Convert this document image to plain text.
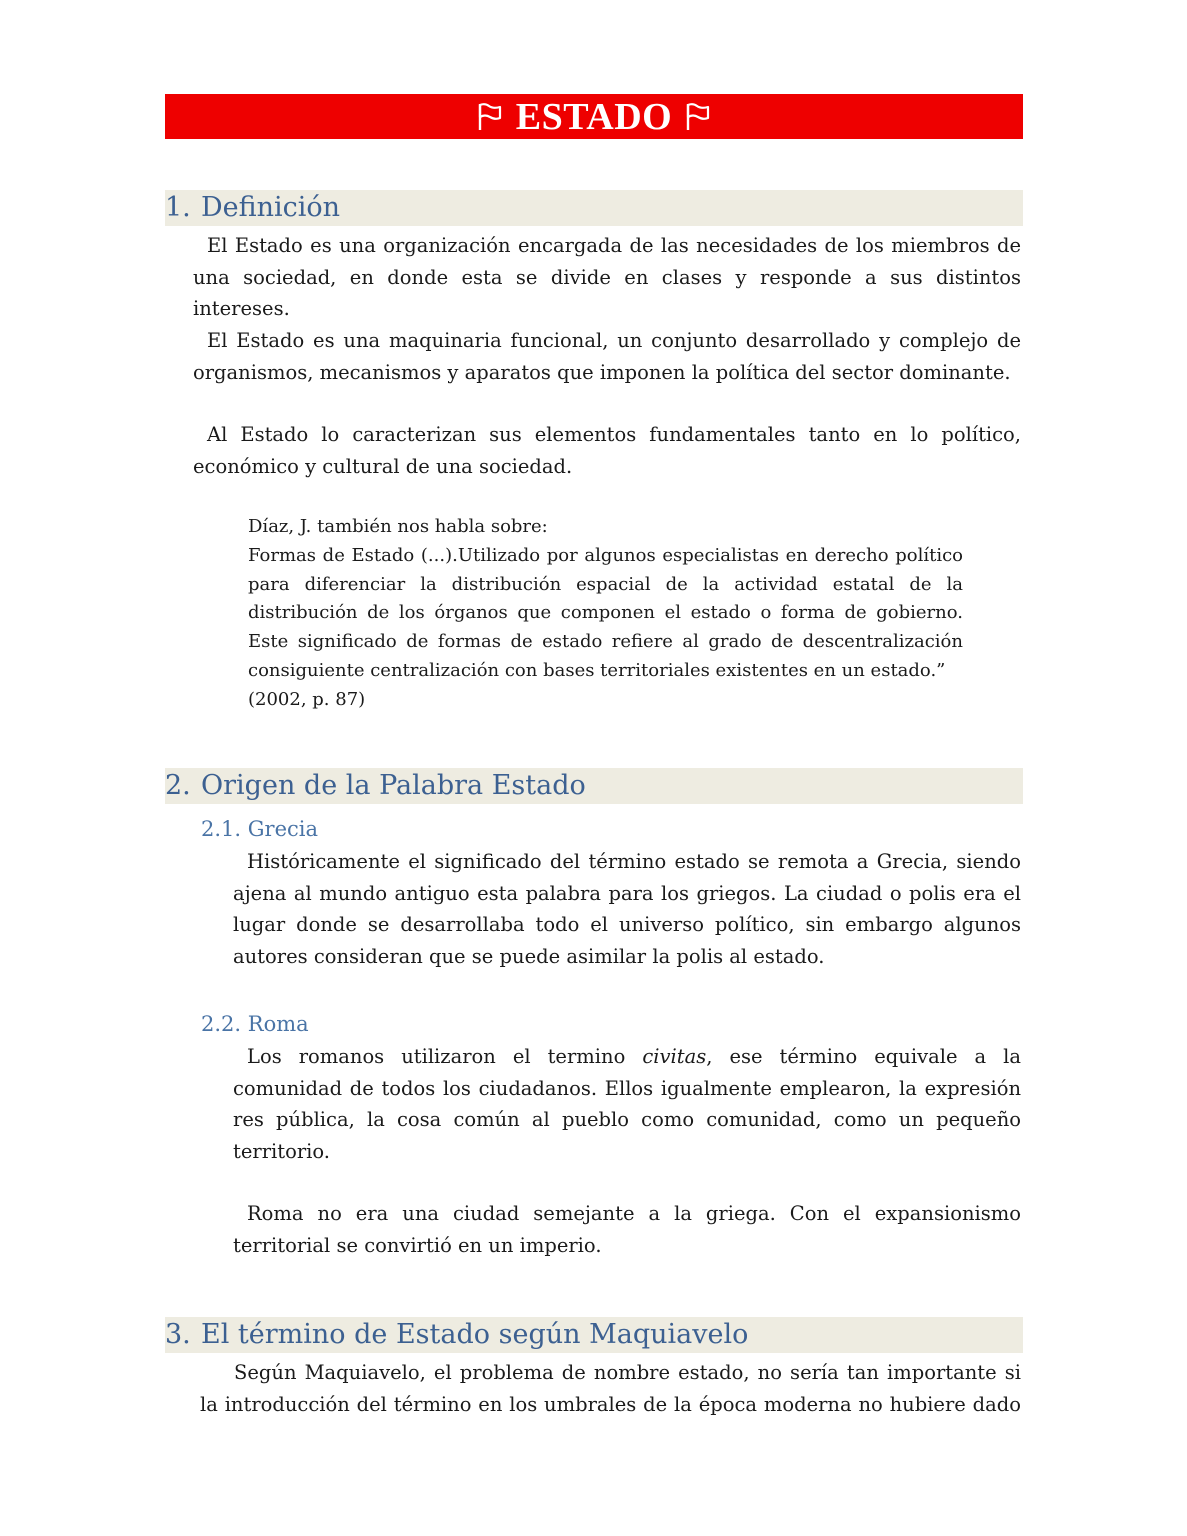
ESTADO
1. Definición
El Estado es una organización encargada de las necesidades de los miembros de una sociedad, en donde esta se divide en clases y responde a sus distintos intereses.
El Estado es una maquinaria funcional, un conjunto desarrollado y complejo de organismos, mecanismos y aparatos que imponen la política del sector dominante.
Al Estado lo caracterizan sus elementos fundamentales tanto en lo político, económico y cultural de una sociedad.
Díaz, J. también nos habla sobre:
Formas de Estado (...).Utilizado por algunos especialistas en derecho político para diferenciar la distribución espacial de la actividad estatal de la distribución de los órganos que componen el estado o forma de gobierno. Este significado de formas de estado refiere al grado de descentralización consiguiente centralización con bases territoriales existentes en un estado.”
(2002, p. 87)
2. Origen de la Palabra Estado
2.1. Grecia
Históricamente el significado del término estado se remota a Grecia, siendo ajena al mundo antiguo esta palabra para los griegos. La ciudad o polis era el lugar donde se desarrollaba todo el universo político, sin embargo algunos autores consideran que se puede asimilar la polis al estado.
2.2. Roma
Los romanos utilizaron el termino civitas, ese término equivale a la comunidad de todos los ciudadanos. Ellos igualmente emplearon, la expresión res pública, la cosa común al pueblo como comunidad, como un pequeño territorio.
Roma no era una ciudad semejante a la griega. Con el expansionismo territorial se convirtió en un imperio.
3. El término de Estado según Maquiavelo
Según Maquiavelo, el problema de nombre estado, no sería tan importante si la introducción del término en los umbrales de la época moderna no hubiere dado
